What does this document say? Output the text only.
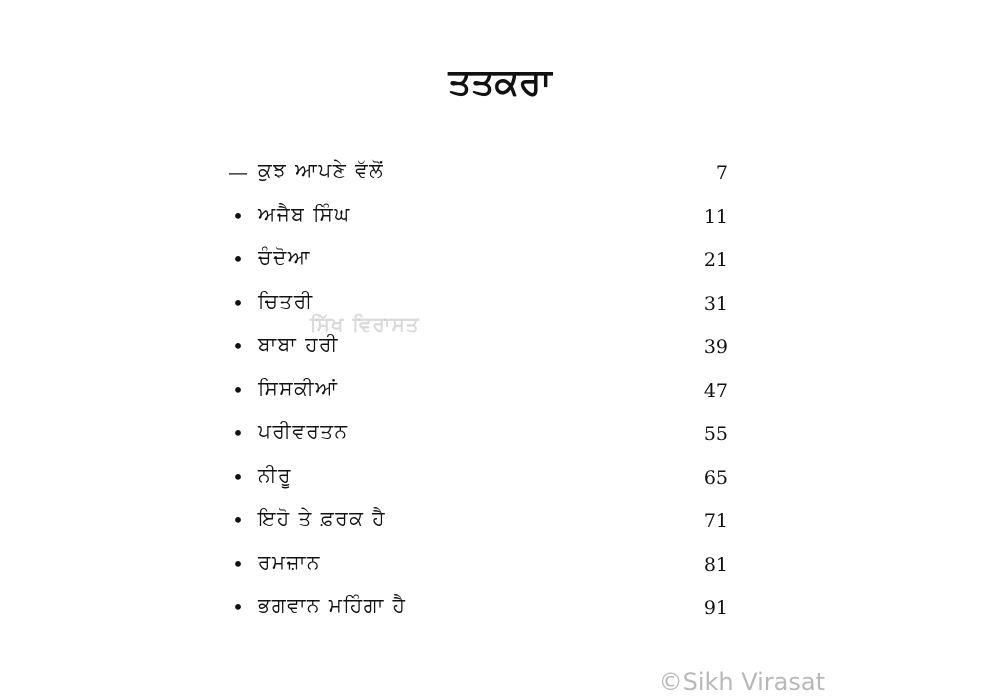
ਤਤਕਰਾ
— ਕੁਝ ਆਪਣੇ ਵੱਲੋਂ	7
• ਅਜੈਬ ਸਿੰਘ	11
• ਚੰਦੋਆ	21
• ਚਿਤਰੀ	31
• ਬਾਬਾ ਹਰੀ	39
• ਸਿਸਕੀਆਂ	47
• ਪਰੀਵਰਤਨ	55
• ਨੀਰੂ	65
• ਇਹੋ ਤੇ ਫ਼ਰਕ ਹੈ	71
• ਰਮਜ਼ਾਨ	81
• ਭਗਵਾਨ ਮਹਿੰਗਾ ਹੈ	91
ਸਿੱਖ ਵਿਰਾਸਤ
©Sikh Virasat
